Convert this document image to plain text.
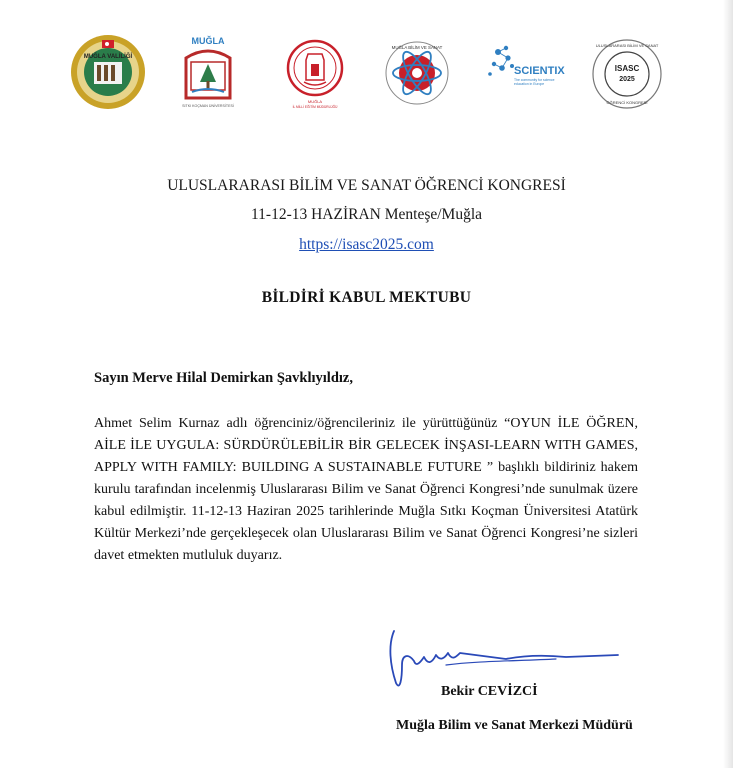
MUĞLA VALİLİĞİ
MUĞLA
SITKI KOÇMAN ÜNİVERSİTESİ
MUĞLA
İL MİLLİ EĞİTİM MÜDÜRLÜĞÜ
MUĞLA BİLİM VE SANAT
SCIENTIX
The community for science
education in Europe
ISASC
2025
ULUSLARARASI BİLİM VE SANAT
ÖĞRENCİ KONGRESİ
ULUSLARARASI BİLİM VE SANAT ÖĞRENCİ KONGRESİ
11-12-13 HAZİRAN Menteşe/Muğla
https://isasc2025.com
BİLDİRİ KABUL MEKTUBU
Sayın Merve Hilal Demirkan Şavklıyıldız,
Ahmet Selim Kurnaz adlı öğrenciniz/öğrencileriniz ile yürüttüğünüz “OYUN İLE ÖĞREN, AİLE İLE UYGULA: SÜRDÜRÜLEBİLİR BİR GELECEK İNŞASI-LEARN WITH GAMES, APPLY WITH FAMILY: BUILDING A SUSTAINABLE FUTURE ” başlıklı bildiriniz hakem kurulu tarafından incelenmiş Uluslararası Bilim ve Sanat Öğrenci Kongresi’nde sunulmak üzere kabul edilmiştir. 11-12-13 Haziran 2025 tarihlerinde Muğla Sıtkı Koçman Üniversitesi Atatürk Kültür Merkezi’nde gerçekleşecek olan Uluslararası Bilim ve Sanat Öğrenci Kongresi’ne sizleri davet etmekten mutluluk duyarız.
Bekir CEVİZCİ
Muğla Bilim ve Sanat Merkezi Müdürü
